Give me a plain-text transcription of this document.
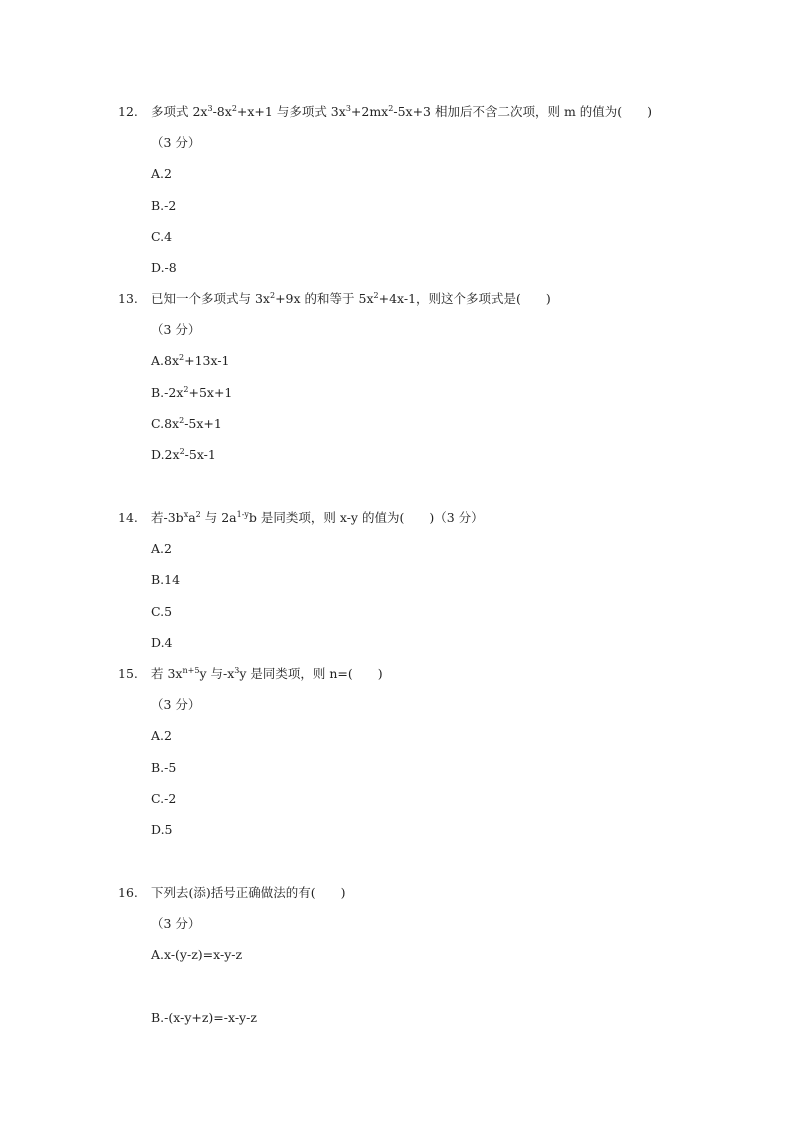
12. 多项式 $2x^3-8x^2+x+1$ 与多项式 $3x^3+2mx^2-5x+3$ 相加后不含二次项，则 m 的值为(　　)
（3 分）
A.2
B.-2
C.4
D.-8
13. 已知一个多项式与 $3x^2+9x$ 的和等于 $5x^2+4x-1$，则这个多项式是(　　)
（3 分）
$A.8x^2+13x-1$
$B.-2x^2+5x+1$
$C.8x^2-5x+1$
$D.2x^2-5x-1$
14. 若$-3b^xa^2$ 与 $2a^{1-y}b$ 是同类项，则 x-y 的值为(　　)（3 分）
A.2
B.14
C.5
D.4
15. 若 $3x^{n+5}y$ 与$-x^3y$ 是同类项，则 n=(　　)
（3 分）
A.2
B.-5
C.-2
D.5
16. 下列去(添)括号正确做法的有(　　)
（3 分）
A.x-(y-z)=x-y-z
B.-(x-y+z)=-x-y-z
